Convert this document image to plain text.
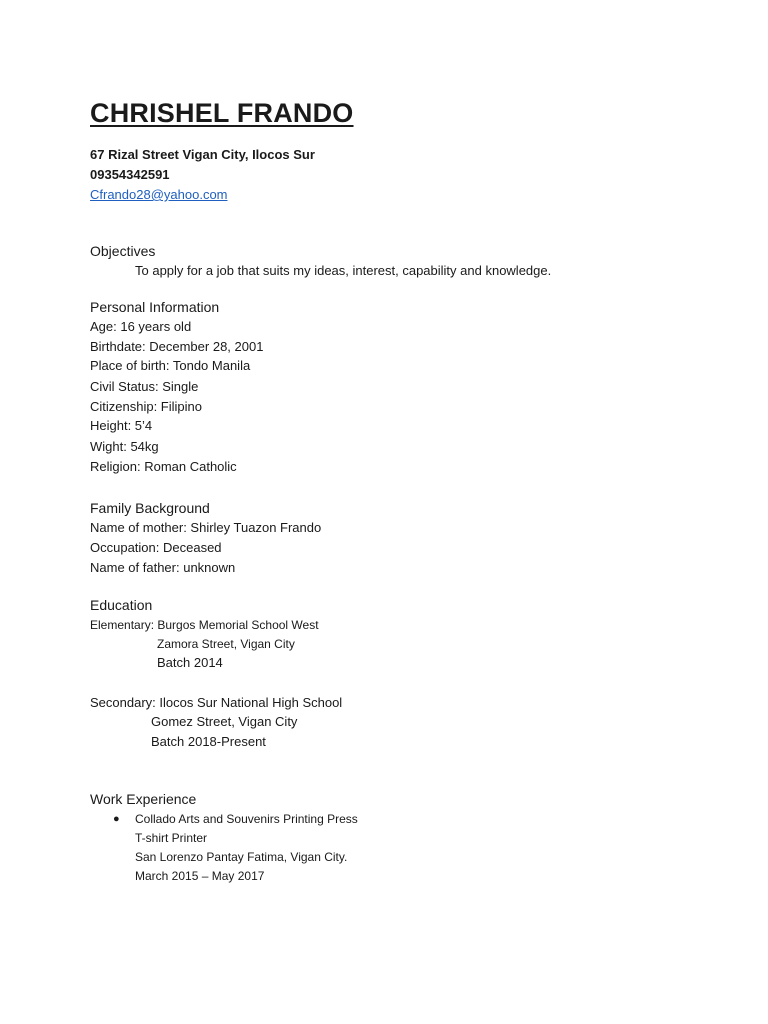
CHRISHEL FRANDO
67 Rizal Street Vigan City, Ilocos Sur
09354342591
Cfrando28@yahoo.com
Objectives
To apply for a job that suits my ideas, interest, capability and knowledge.
Personal Information
Age: 16 years old
Birthdate: December 28, 2001
Place of birth: Tondo Manila
Civil Status: Single
Citizenship: Filipino
Height: 5’4
Wight: 54kg
Religion: Roman Catholic
Family Background
Name of mother: Shirley Tuazon Frando
Occupation: Deceased
Name of father: unknown
Education
Elementary: Burgos Memorial School West
Zamora Street, Vigan City
Batch 2014
Secondary: Ilocos Sur National High School
Gomez Street, Vigan City
Batch 2018-Present
Work Experience
● Collado Arts and Souvenirs Printing Press
T-shirt Printer
San Lorenzo Pantay Fatima, Vigan City.
March 2015 – May 2017
